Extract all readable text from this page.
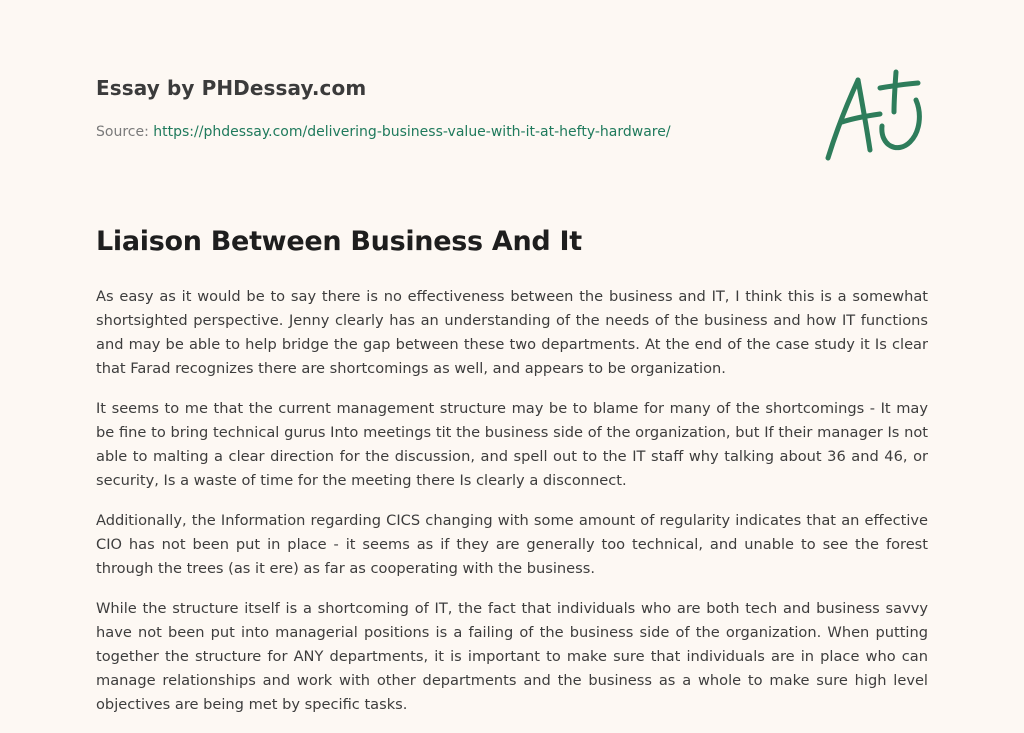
Essay by PHDessay.com
Source: https://phdessay.com/delivering-business-value-with-it-at-hefty-hardware/
Liaison Between Business And It

As easy as it would be to say there is no effectiveness between the business and IT, I think this is a somewhat shortsighted perspective. Jenny clearly has an understanding of the needs of the business and how IT functions and may be able to help bridge the gap between these two departments. At the end of the case study it Is clear that Farad recognizes there are shortcomings as well, and appears to be organization.

It seems to me that the current management structure may be to blame for many of the shortcomings - It may be fine to bring technical gurus Into meetings tit the business side of the organization, but If their manager Is not able to malting a clear direction for the discussion, and spell out to the IT staff why talking about 36 and 46, or security, Is a waste of time for the meeting there Is clearly a disconnect.

Additionally, the Information regarding CICS changing with some amount of regularity indicates that an effective CIO has not been put in place - it seems as if they are generally too technical, and unable to see the forest through the trees (as it ere) as far as cooperating with the business.

While the structure itself is a shortcoming of IT, the fact that individuals who are both tech and business savvy have not been put into managerial positions is a failing of the business side of the organization. When putting together the structure for ANY departments, it is important to make sure that individuals are in place who can manage relationships and work with other departments and the business as a whole to make sure high level objectives are being met by specific tasks.
